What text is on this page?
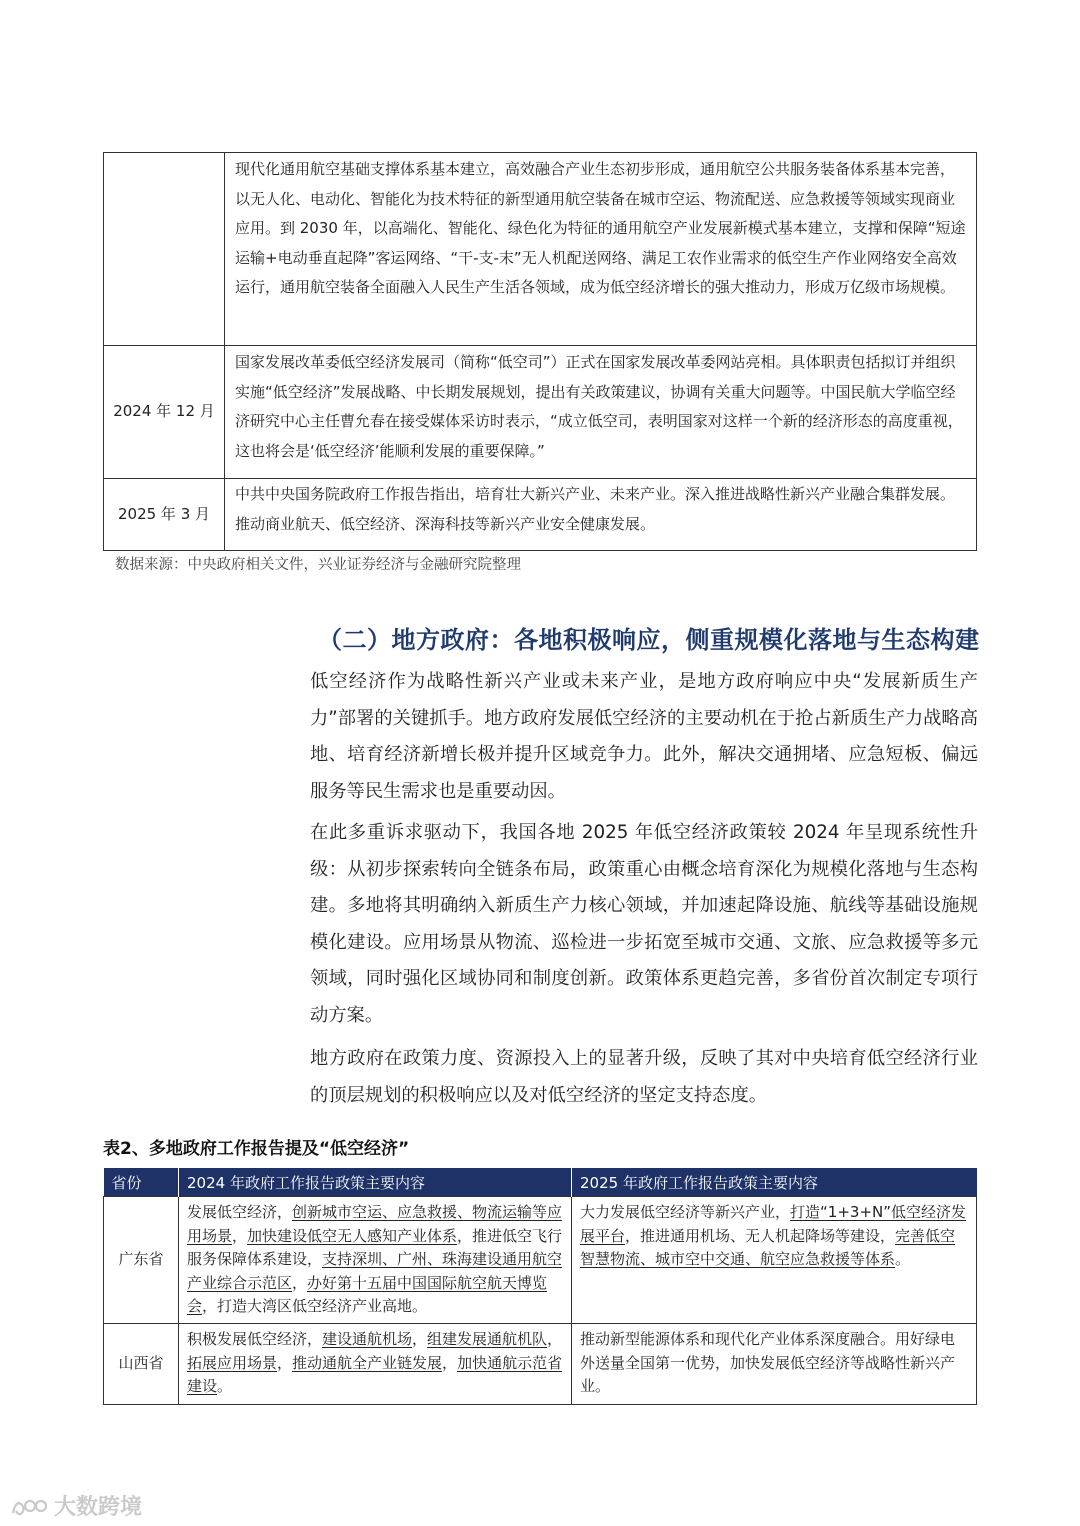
	现代化通用航空基础支撑体系基本建立，高效融合产业生态初步形成，通用航空公共服务装备体系基本完善，以无人化、电动化、智能化为技术特征的新型通用航空装备在城市空运、物流配送、应急救援等领域实现商业应用。到 2030 年，以高端化、智能化、绿色化为特征的通用航空产业发展新模式基本建立，支撑和保障“短途运输+电动垂直起降”客运网络、“干-支-末”无人机配送网络、满足工农作业需求的低空生产作业网络安全高效运行，通用航空装备全面融入人民生产生活各领域，成为低空经济增长的强大推动力，形成万亿级市场规模。
2024 年 12 月	国家发展改革委低空经济发展司（简称“低空司”）正式在国家发展改革委网站亮相。具体职责包括拟订并组织实施“低空经济”发展战略、中长期发展规划，提出有关政策建议，协调有关重大问题等。中国民航大学临空经济研究中心主任曹允春在接受媒体采访时表示，“成立低空司，表明国家对这样一个新的经济形态的高度重视，这也将会是‘低空经济’能顺利发展的重要保障。”
2025 年 3 月	中共中央国务院政府工作报告指出，培育壮大新兴产业、未来产业。深入推进战略性新兴产业融合集群发展。推动商业航天、低空经济、深海科技等新兴产业安全健康发展。
数据来源：中央政府相关文件，兴业证券经济与金融研究院整理
（二）地方政府：各地积极响应，侧重规模化落地与生态构建
低空经济作为战略性新兴产业或未来产业，是地方政府响应中央“发展新质生产力”部署的关键抓手。地方政府发展低空经济的主要动机在于抢占新质生产力战略高地、培育经济新增长极并提升区域竞争力。此外，解决交通拥堵、应急短板、偏远服务等民生需求也是重要动因。
在此多重诉求驱动下，我国各地 2025 年低空经济政策较 2024 年呈现系统性升级：从初步探索转向全链条布局，政策重心由概念培育深化为规模化落地与生态构建。多地将其明确纳入新质生产力核心领域，并加速起降设施、航线等基础设施规模化建设。应用场景从物流、巡检进一步拓宽至城市交通、文旅、应急救援等多元领域，同时强化区域协同和制度创新。政策体系更趋完善，多省份首次制定专项行动方案。
地方政府在政策力度、资源投入上的显著升级，反映了其对中央培育低空经济行业的顶层规划的积极响应以及对低空经济的坚定支持态度。
表2、多地政府工作报告提及“低空经济”
省份	2024 年政府工作报告政策主要内容	2025 年政府工作报告政策主要内容
广东省	发展低空经济，创新城市空运、应急救援、物流运输等应用场景，加快建设低空无人感知产业体系，推进低空飞行服务保障体系建设，支持深圳、广州、珠海建设通用航空产业综合示范区，办好第十五届中国国际航空航天博览会，打造大湾区低空经济产业高地。	大力发展低空经济等新兴产业，打造“1+3+N”低空经济发展平台，推进通用机场、无人机起降场等建设，完善低空智慧物流、城市空中交通、航空应急救援等体系。
山西省	积极发展低空经济，建设通航机场，组建发展通航机队，拓展应用场景，推动通航全产业链发展，加快通航示范省建设。	推动新型能源体系和现代化产业体系深度融合。用好绿电外送量全国第一优势，加快发展低空经济等战略性新兴产业。
大数跨境
